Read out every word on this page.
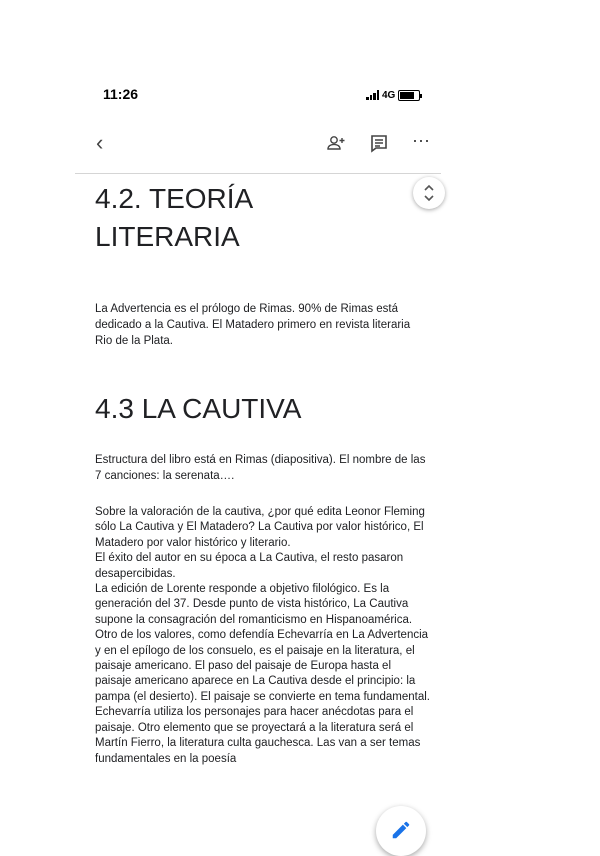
11:26	4G
‹	···
4.2. TEORÍA LITERARIA

La Advertencia es el prólogo de Rimas. 90% de Rimas está dedicado a la Cautiva. El Matadero primero en revista literaria Rio de la Plata.

4.3 LA CAUTIVA

Estructura del libro está en Rimas (diapositiva). El nombre de las 7 canciones: la serenata….

Sobre la valoración de la cautiva, ¿por qué edita Leonor Fleming sólo La Cautiva y El Matadero? La Cautiva por valor histórico, El Matadero por valor histórico y literario.

El éxito del autor en su época a La Cautiva, el resto pasaron desapercibidas.

La edición de Lorente responde a objetivo filológico. Es la generación del 37. Desde punto de vista histórico, La Cautiva supone la consagración del romanticismo en Hispanoamérica. Otro de los valores, como defendía Echevarría en La Advertencia y en el epílogo de los consuelo, es el paisaje en la literatura, el paisaje americano. El paso del paisaje de Europa hasta el paisaje americano aparece en La Cautiva desde el principio: la pampa (el desierto). El paisaje se convierte en tema fundamental. Echevarría utiliza los personajes para hacer anécdotas para el paisaje. Otro elemento que se proyectará a la literatura será el Martín Fierro, la literatura culta gauchesca. Las van a ser temas fundamentales en la poesía
